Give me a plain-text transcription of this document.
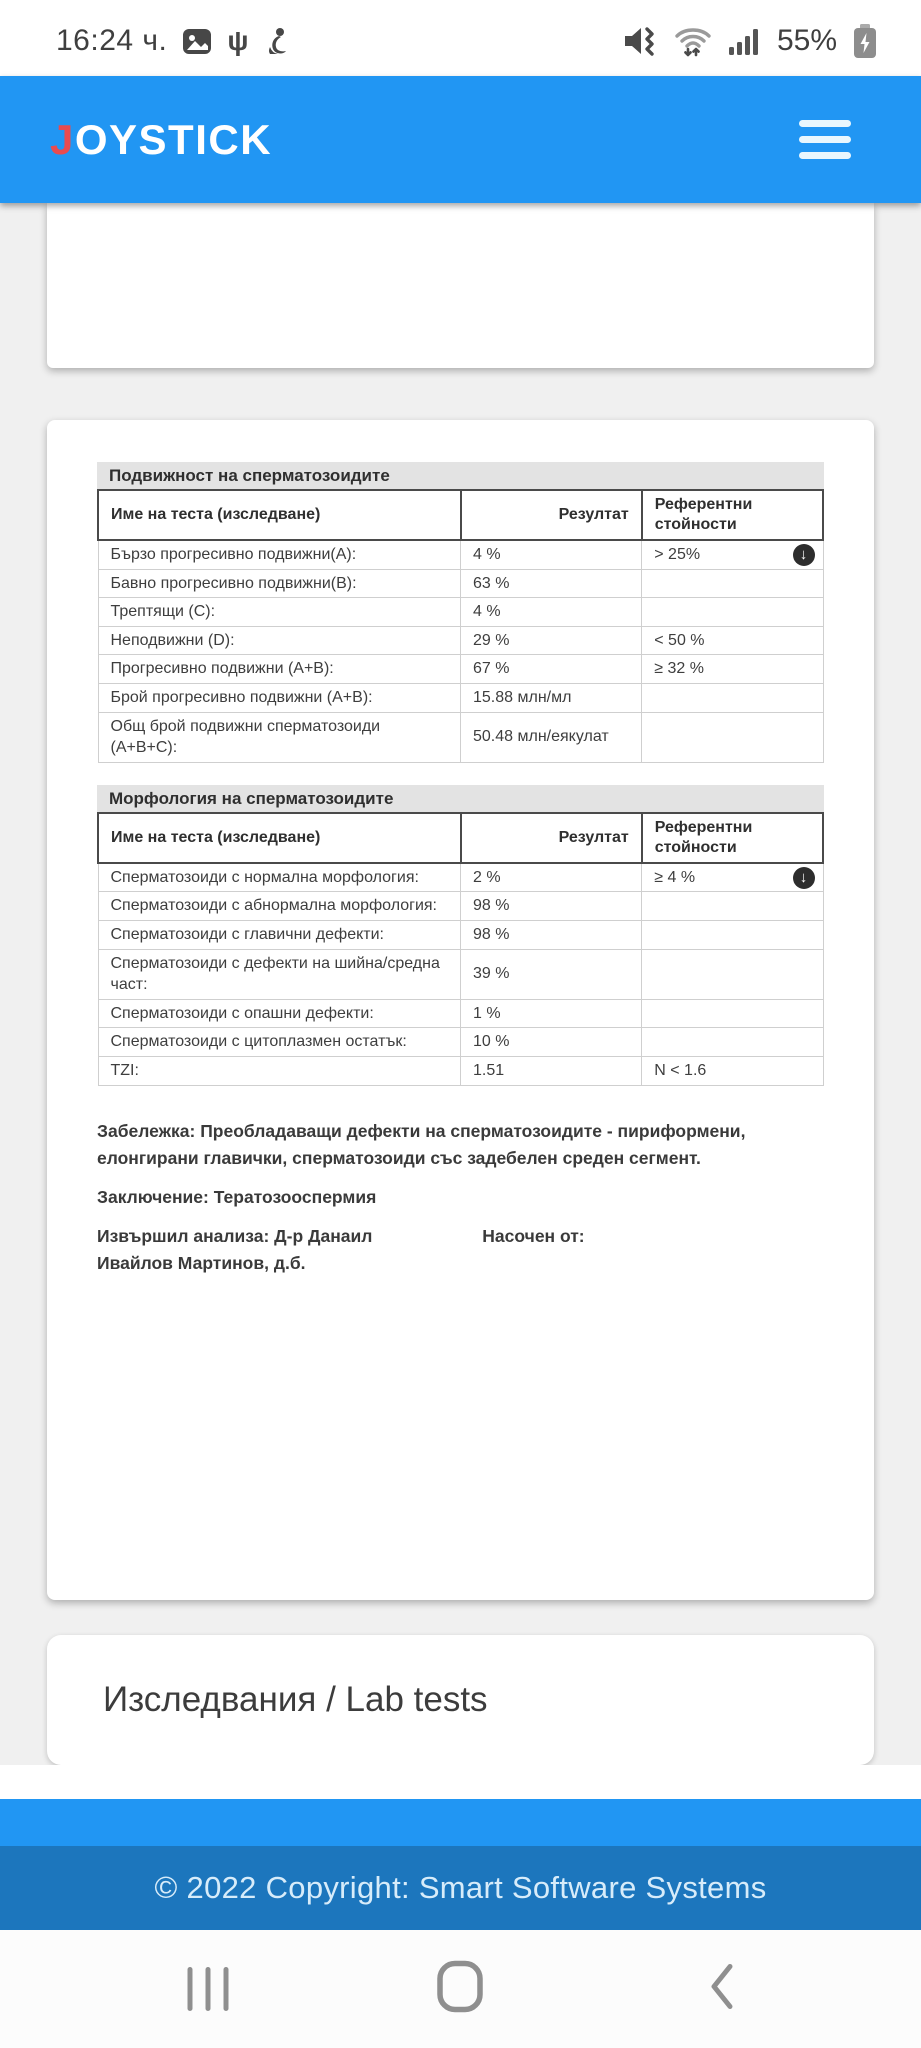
16:24 ч. ψ	55%
JOYSTICK
Подвижност на сперматозоидите
Име на теста (изследване)	Резултат	Референтни стойности
Бързо прогресивно подвижни(A):	4 %	> 25% ↓

Бавно прогресивно подвижни(B):	63 %	
Трептящи (C):	4 %	
Неподвижни (D):	29 %	< 50 %
Прогресивно подвижни (A+B):	67 %	≥ 32 %
Брой прогресивно подвижни (A+B):	15.88 млн/мл	
Общ брой подвижни сперматозоиди (A+B+C):	50.48 млн/еякулат	
Морфология на сперматозоидите
Име на теста (изследване)	Резултат	Референтни стойности
Сперматозоиди с нормална морфология:	2 %	≥ 4 % ↓

Сперматозоиди с абнормална морфология:	98 %	
Сперматозоиди с главични дефекти:	98 %	
Сперматозоиди с дефекти на шийна/средна част:	39 %	
Сперматозоиди с опашни дефекти:	1 %	
Сперматозоиди с цитоплазмен остатък:	10 %	
TZI:	1.51	N < 1.6

Забележка: Преобладаващи дефекти на сперматозоидите - пириформени, елонгирани главички, сперматозоиди със задебелен среден сегмент.

Заключение: Тератозооспермия

Извършил анализа: Д-р Данаил Ивайлов Мартинов, д.б.
Насочен от:
Изследвания / Lab tests
© 2022 Copyright: Smart Software Systems
